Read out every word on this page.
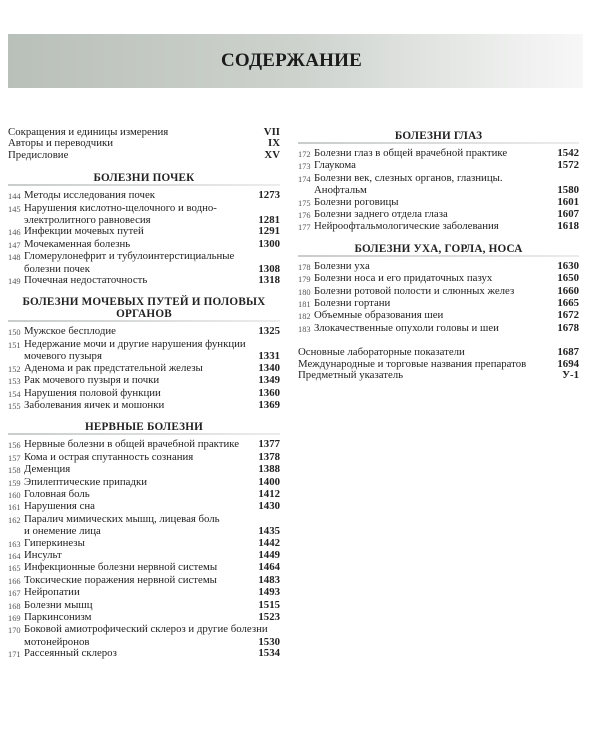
СОДЕРЖАНИЕ
Сокращения и единицы измерения	VII
Авторы и переводчики	IX
Предисловие	XV
БОЛЕЗНИ ПОЧЕК
144 Методы исследования почек	1273
145 Нарушения кислотно-щелочного и водно-
электролитного равновесия	1281
146 Инфекции мочевых путей	1291
147 Мочекаменная болезнь	1300
148 Гломерулонефрит и тубулоинтерстициальные
болезни почек	1308
149 Почечная недостаточность	1318
БОЛЕЗНИ МОЧЕВЫХ ПУТЕЙ И ПОЛОВЫХ ОРГАНОВ
150 Мужское бесплодие	1325
151 Недержание мочи и другие нарушения функции
мочевого пузыря	1331
152 Аденома и рак предстательной железы	1340
153 Рак мочевого пузыря и почки	1349
154 Нарушения половой функции	1360
155 Заболевания яичек и мошонки	1369
НЕРВНЫЕ БОЛЕЗНИ
156 Нервные болезни в общей врачебной практике	1377
157 Кома и острая спутанность сознания	1378
158 Деменция	1388
159 Эпилептические припадки	1400
160 Головная боль	1412
161 Нарушения сна	1430
162 Паралич мимических мышц, лицевая боль
и онемение лица	1435
163 Гиперкинезы	1442
164 Инсульт	1449
165 Инфекционные болезни нервной системы	1464
166 Токсические поражения нервной системы	1483
167 Нейропатии	1493
168 Болезни мышц	1515
169 Паркинсонизм	1523
170 Боковой амиотрофический склероз и другие болезни
мотонейронов	1530
171 Рассеянный склероз	1534
БОЛЕЗНИ ГЛАЗ
172 Болезни глаз в общей врачебной практике	1542
173 Глаукома	1572
174 Болезни век, слезных органов, глазницы.
Анофтальм	1580
175 Болезни роговицы	1601
176 Болезни заднего отдела глаза	1607
177 Нейроофтальмологические заболевания	1618
БОЛЕЗНИ УХА, ГОРЛА, НОСА
178 Болезни уха	1630
179 Болезни носа и его придаточных пазух	1650
180 Болезни ротовой полости и слюнных желез	1660
181 Болезни гортани	1665
182 Объемные образования шеи	1672
183 Злокачественные опухоли головы и шеи	1678
Основные лабораторные показатели	1687
Международные и торговые названия препаратов	1694
Предметный указатель	У-1
